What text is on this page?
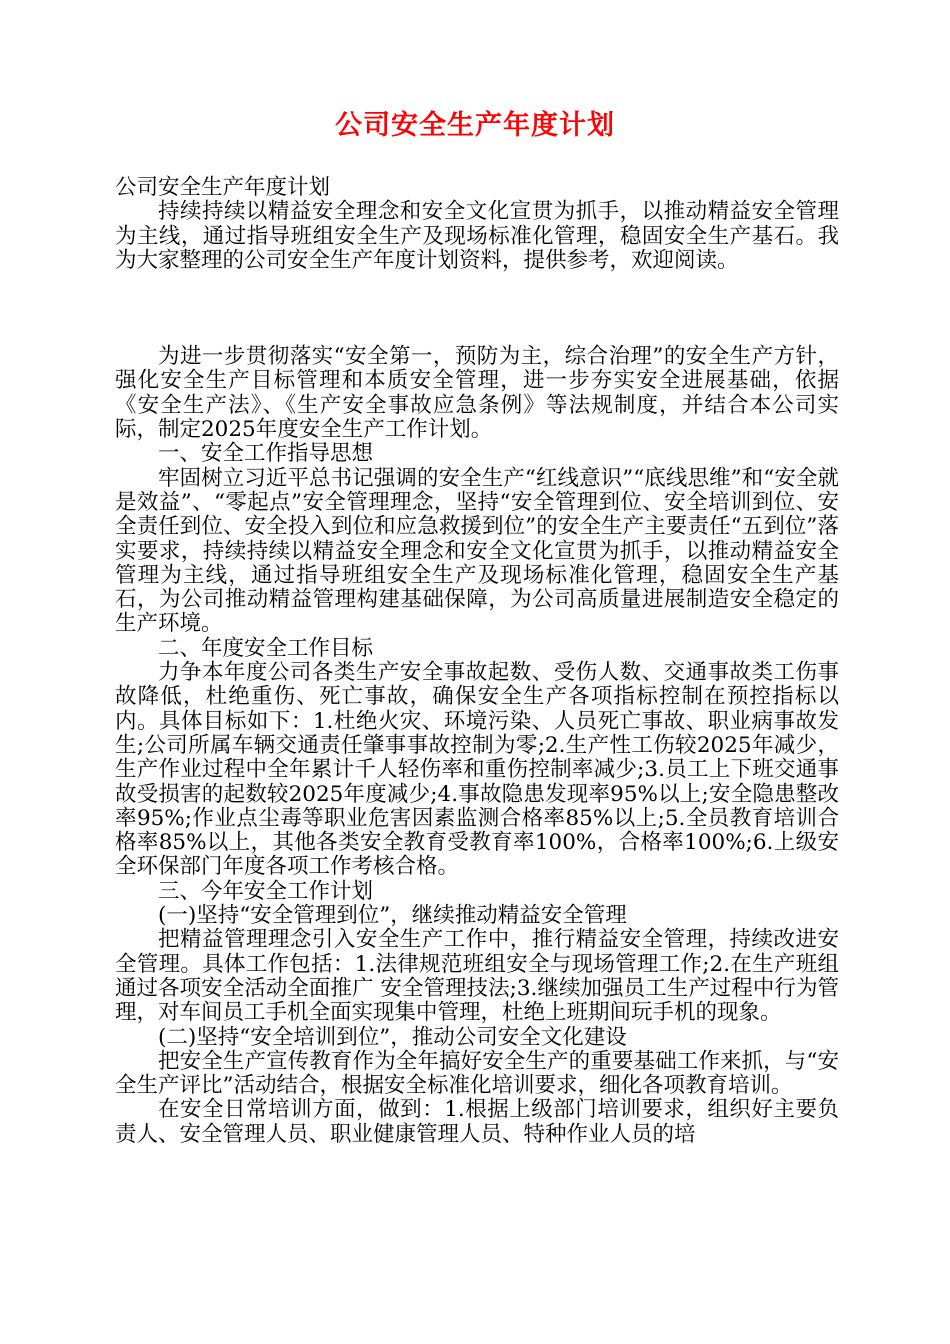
公司安全生产年度计划

公司安全生产年度计划

持续持续以精益安全理念和安全文化宣贯为抓手，以推动精益安全管理为主线，通过指导班组安全生产及现场标准化管理，稳固安全生产基石。我为大家整理的公司安全生产年度计划资料，提供参考，欢迎阅读。

为进一步贯彻落实“安全第一，预防为主，综合治理”的安全生产方针，强化安全生产目标管理和本质安全管理，进一步夯实安全进展基础，依据《安全生产法》、《生产安全事故应急条例》等法规制度，并结合本公司实际，制定2025年度安全生产工作计划。

一、安全工作指导思想

牢固树立习近平总书记强调的安全生产“红线意识”“底线思维”和“安全就是效益”、“零起点”安全管理理念，坚持“安全管理到位、安全培训到位、安全责任到位、安全投入到位和应急救援到位”的安全生产主要责任“五到位”落实要求，持续持续以精益安全理念和安全文化宣贯为抓手，以推动精益安全管理为主线，通过指导班组安全生产及现场标准化管理，稳固安全生产基石，为公司推动精益管理构建基础保障，为公司高质量进展制造安全稳定的生产环境。

二、年度安全工作目标

力争本年度公司各类生产安全事故起数、受伤人数、交通事故类工伤事故降低，杜绝重伤、死亡事故，确保安全生产各项指标控制在预控指标以内。具体目标如下：1.杜绝火灾、环境污染、人员死亡事故、职业病事故发生;公司所属车辆交通责任肇事事故控制为零;2.生产性工伤较2025年减少，生产作业过程中全年累计千人轻伤率和重伤控制率减少;3.员工上下班交通事故受损害的起数较2025年度减少;4.事故隐患发现率95%以上;安全隐患整改率95%;作业点尘毒等职业危害因素监测合格率85%以上;5.全员教育培训合格率85%以上，其他各类安全教育受教育率100%，合格率100%;6.上级安全环保部门年度各项工作考核合格。

三、今年安全工作计划

(一)坚持“安全管理到位”，继续推动精益安全管理

把精益管理理念引入安全生产工作中，推行精益安全管理，持续改进安全管理。具体工作包括：1.法律规范班组安全与现场管理工作;2.在生产班组通过各项安全活动全面推广 安全管理技法;3.继续加强员工生产过程中行为管理，对车间员工手机全面实现集中管理，杜绝上班期间玩手机的现象。

(二)坚持“安全培训到位”，推动公司安全文化建设

把安全生产宣传教育作为全年搞好安全生产的重要基础工作来抓，与“安全生产评比”活动结合，根据安全标准化培训要求，细化各项教育培训。

在安全日常培训方面，做到：1.根据上级部门培训要求，组织好主要负责人、安全管理人员、职业健康管理人员、特种作业人员的培
